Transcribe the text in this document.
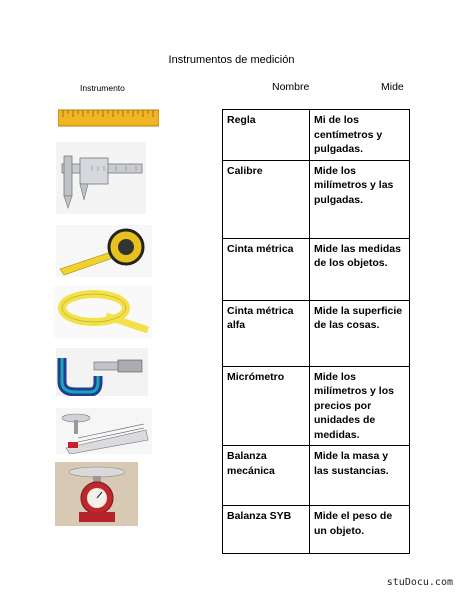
Instrumentos de medición
Instrumento	Nombre	Mide
Regla	Mi de los centímetros y pulgadas.
Calibre	Mide los milímetros y las pulgadas.
Cinta métrica	Mide las medidas de los objetos.
Cinta métrica alfa	Mide la superficie de las cosas.
Micrómetro	Mide los milímetros y los precios por unidades de medidas.
Balanza mecánica	Mide la masa y las sustancias.
Balanza SYB	Mide el peso de un objeto.
stuDocu.com
